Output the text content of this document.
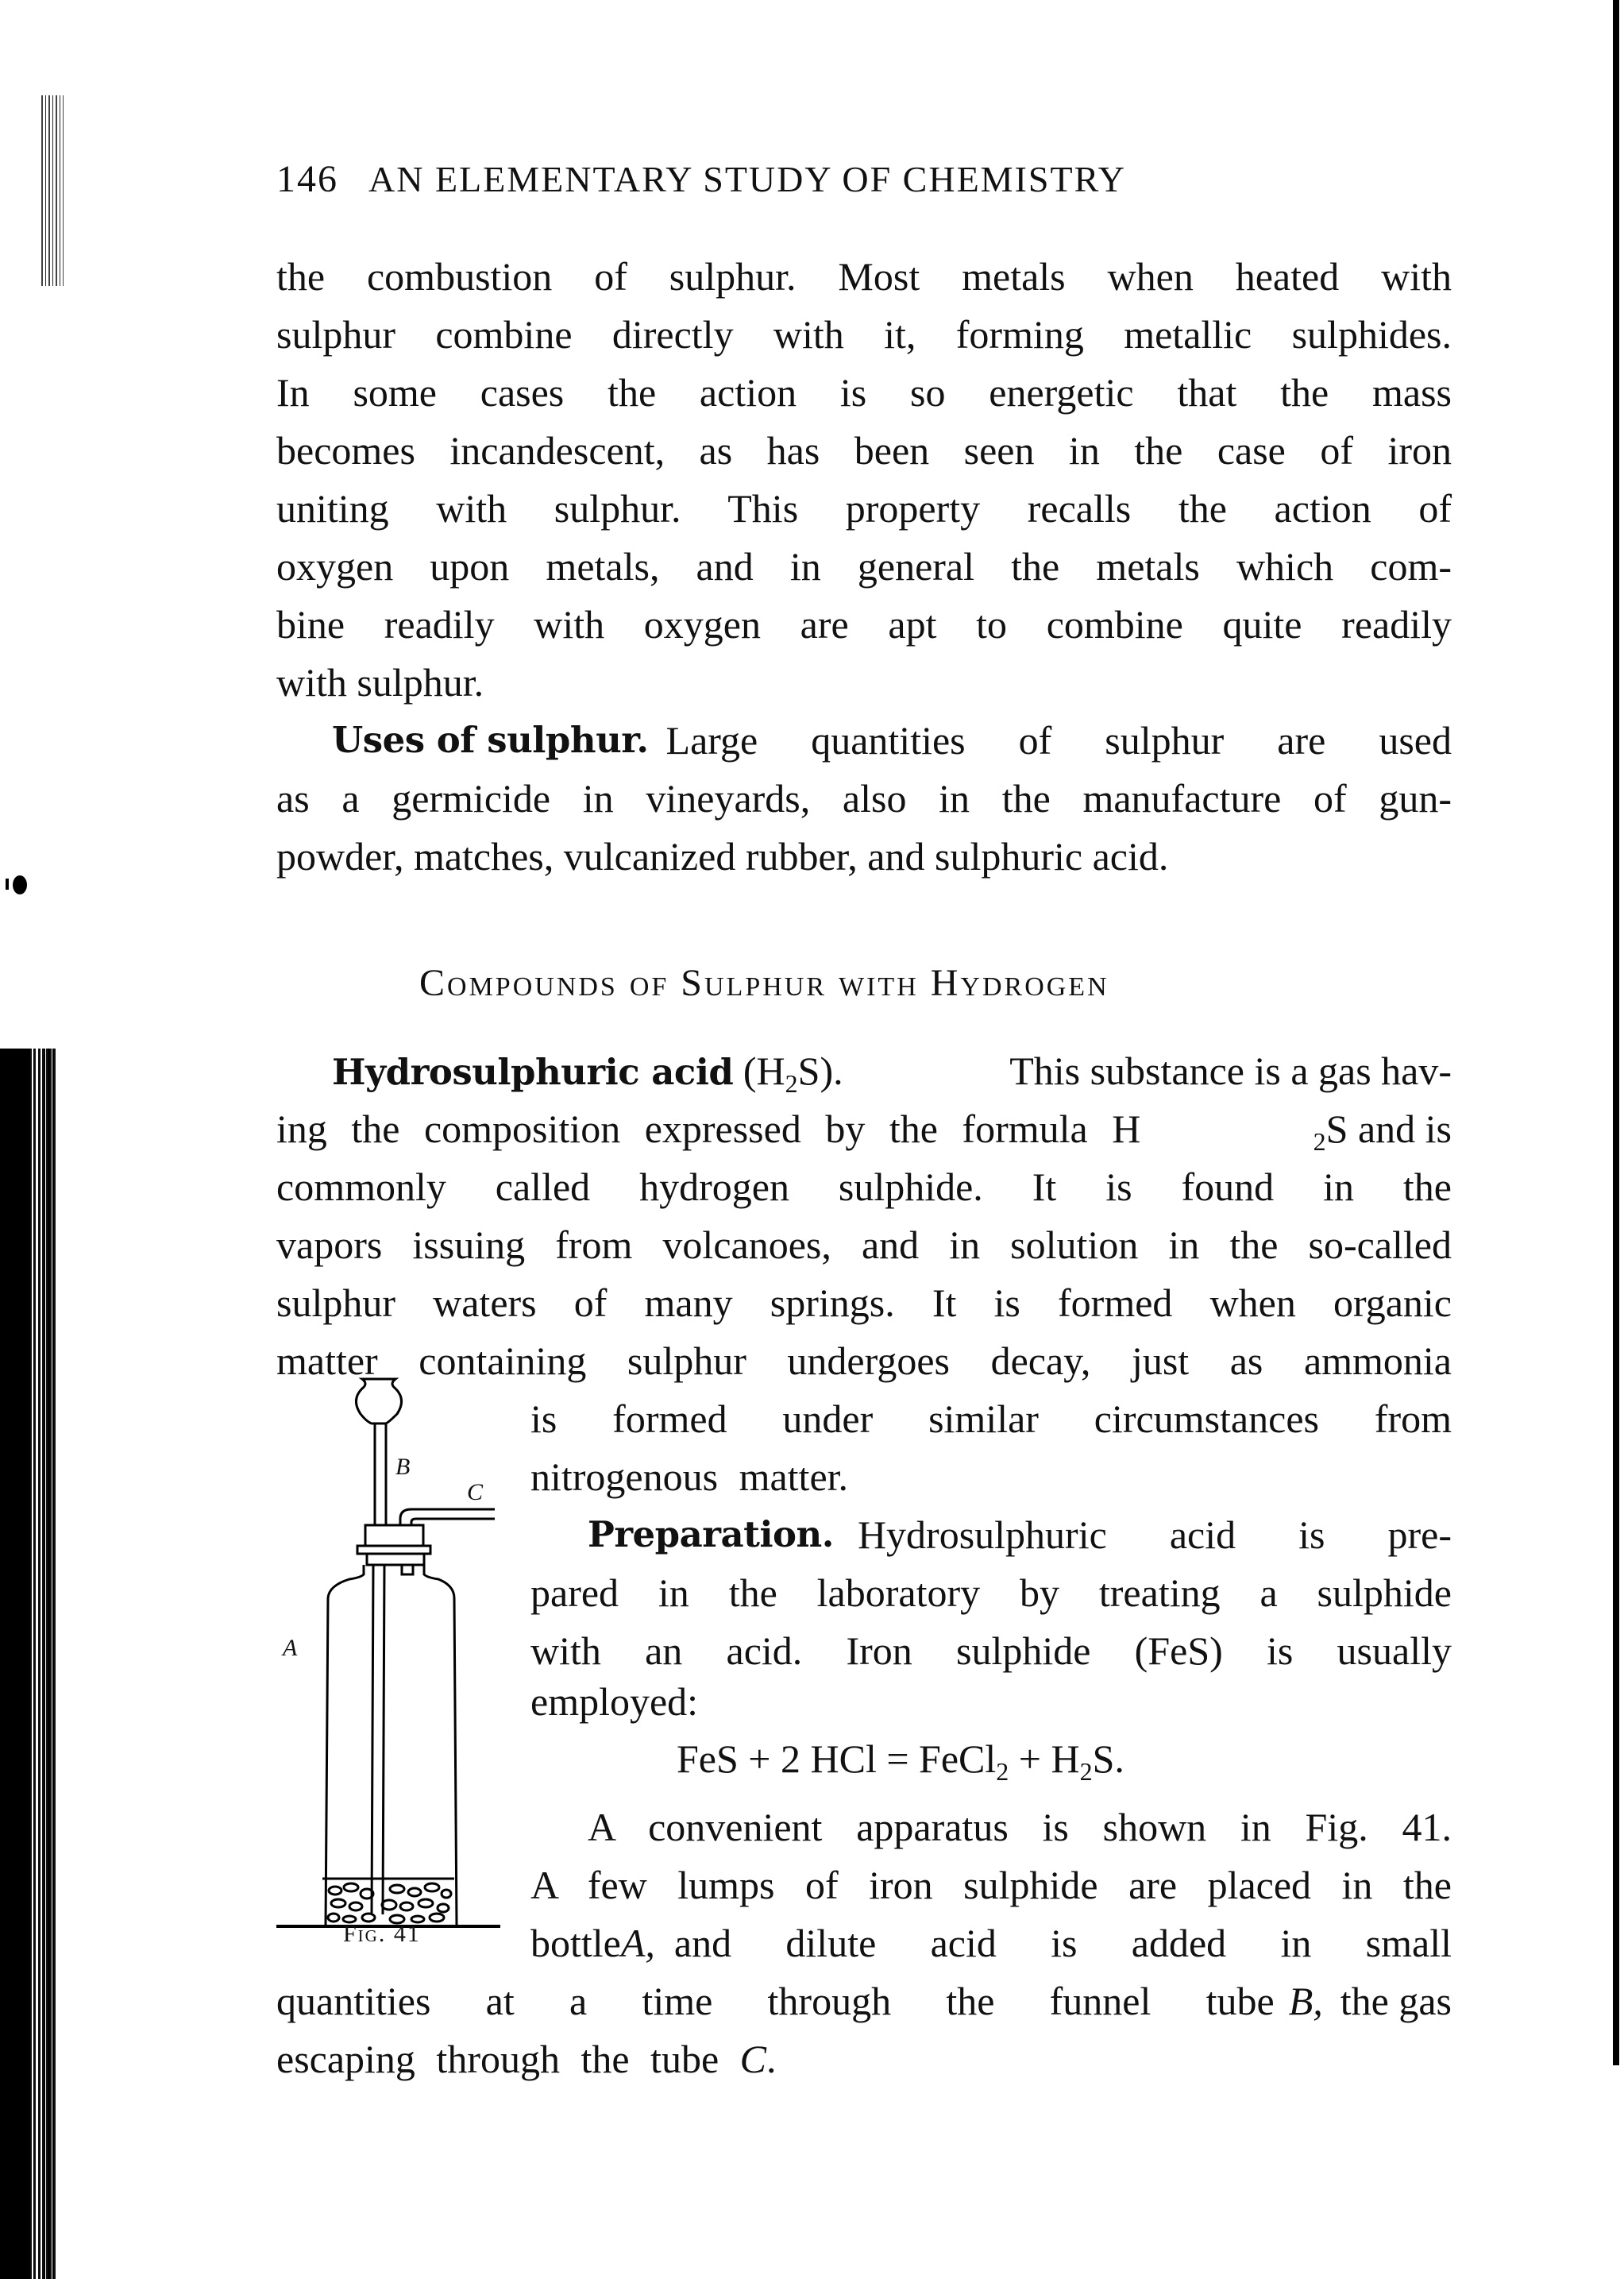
146 AN ELEMENTARY STUDY OF CHEMISTRY
the combustion of sulphur. Most metals when heated with
sulphur combine directly with it, forming metallic sulphides.
In some cases the action is so energetic that the mass
becomes incandescent, as has been seen in the case of iron
uniting with sulphur. This property recalls the action of
oxygen upon metals, and in general the metals which com-
bine readily with oxygen are apt to combine quite readily
with sulphur.
Uses of sulphur. Large quantities of sulphur are used
as a germicide in vineyards, also in the manufacture of gun-
powder, matches, vulcanized rubber, and sulphuric acid.
Compounds of Sulphur with Hydrogen
Hydrosulphuric acid $(H_2S)$.	This substance is a gas hav-
ing the composition expressed by the formula H	$_2$S and is
commonly called hydrogen sulphide. It is found in the
vapors issuing from volcanoes, and in solution in the so-called
sulphur waters of many springs. It is formed when organic
matter containing sulphur undergoes decay, just as ammonia
is formed under similar circumstances from
nitrogenous matter.
Preparation. Hydrosulphuric acid is pre-
pared in the laboratory by treating a sulphide
with an acid. Iron sulphide (FeS) is usually
employed:
FeS + 2 HCl = FeCl$_2$ + $H_2S$.
A convenient apparatus is shown in Fig. 41.
A few lumps of iron sulphide are placed in the
bottle A, and dilute acid is added in small
quantities at a time through the funnel tube B, the gas
escaping through the tube C.
B
C
A
Fig. 41
